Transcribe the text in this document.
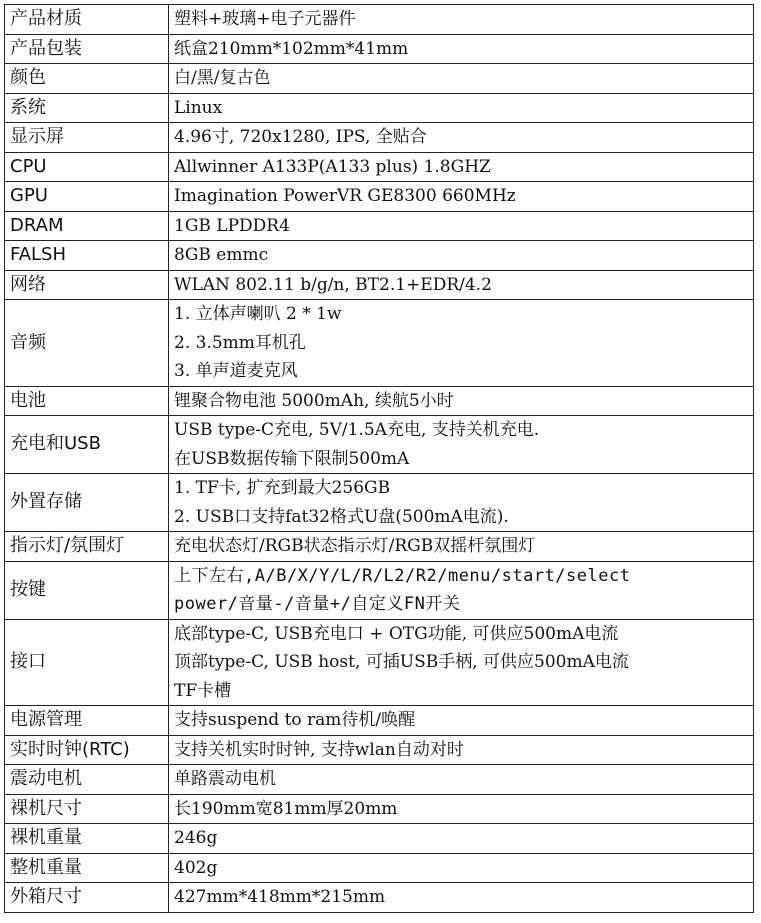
产品材质	塑料+玻璃+电子元器件

产品包装	纸盒210mm*102mm*41mm

颜色	白/黑/复古色

系统	Linux

显示屏	4.96寸, 720x1280, IPS, 全贴合

CPU	Allwinner A133P(A133 plus) 1.8GHZ

GPU	Imagination PowerVR GE8300 660MHz

DRAM	1GB LPDDR4

FALSH	8GB emmc

网络	WLAN 802.11 b/g/n, BT2.1+EDR/4.2

音频	1. 立体声喇叭 2 * 1w
2. 3.5mm耳机孔
3. 单声道麦克风

电池	锂聚合物电池 5000mAh, 续航5小时

充电和USB	USB type-C充电, 5V/1.5A充电, 支持关机充电.
在USB数据传输下限制500mA

外置存储	1. TF卡, 扩充到最大256GB
2. USB口支持fat32格式U盘(500mA电流).

指示灯/氛围灯	充电状态灯/RGB状态指示灯/RGB双摇杆氛围灯

按键	上下左右,A/B/X/Y/L/R/L2/R2/menu/start/select
power/音量-/音量+/自定义FN开关

接口	底部type-C, USB充电口 + OTG功能, 可供应500mA电流
顶部type-C, USB host, 可插USB手柄, 可供应500mA电流
TF卡槽

电源管理	支持suspend to ram待机/唤醒

实时时钟(RTC)	支持关机实时时钟, 支持wlan自动对时

震动电机	单路震动电机

裸机尺寸	长190mm宽81mm厚20mm

裸机重量	246g

整机重量	402g

外箱尺寸	427mm*418mm*215mm
